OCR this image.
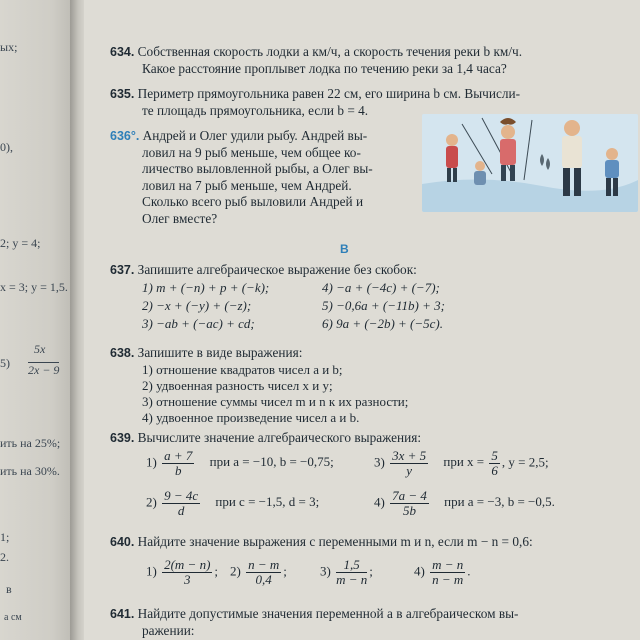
ых;
0),
2; y = 4;
x = 3; y = 1,5.
5)
5x
2x − 9
ить на 25%;
ить на 30%.
1;
2.
в
а см
634. Собственная скорость лодки a км/ч, а скорость течения реки b км/ч.
Какое расстояние проплывет лодка по течению реки за 1,4 часа?
635. Периметр прямоугольника равен 22 см, его ширина b см. Вычисли-
те площадь прямоугольника, если b = 4.
636°. Андрей и Олег удили рыбу. Андрей вы-
ловил на 9 рыб меньше, чем общее ко-
личество выловленной рыбы, а Олег вы-
ловил на 7 рыб меньше, чем Андрей.
Сколько всего рыб выловили Андрей и
Олег вместе?
В
637. Запишите алгебраическое выражение без скобок:
1) m + (−n) + p + (−k);	4) −a + (−4c) + (−7);
2) −x + (−y) + (−z);	5) −0,6a + (−11b) + 3;
3) −ab + (−ac) + cd;	6) 9a + (−2b) + (−5c).
638. Запишите в виде выражения:
1) отношение квадратов чисел a и b;
2) удвоенная разность чисел x и y;
3) отношение суммы чисел m и n к их разности;
4) удвоенное произведение чисел a и b.
639. Вычислите значение алгебраического выражения:
$1) \frac{a + 7}{b}$ при a = −10, b = −0,75;	$3) \frac{3x + 5}{y}$ при $x = \frac{5}{6}$ , y = 2,5;
$2) \frac{9 - 4c}{d}$ при c = −1,5, d = 3;	$4) \frac{7a - 4}{5b}$ при a = −3, b = −0,5.
640. Найдите значение выражения с переменными m и n, если m − n = 0,6:
$1) \frac{2(m - n)}{3}$ ; $2) \frac{n - m}{0,4}$ ;	$3) \frac{1,5}{m - n}$ ;	$4) \frac{m - n}{n - m}$ .
641. Найдите допустимые значения переменной a в алгебраическом вы-
ражении:
